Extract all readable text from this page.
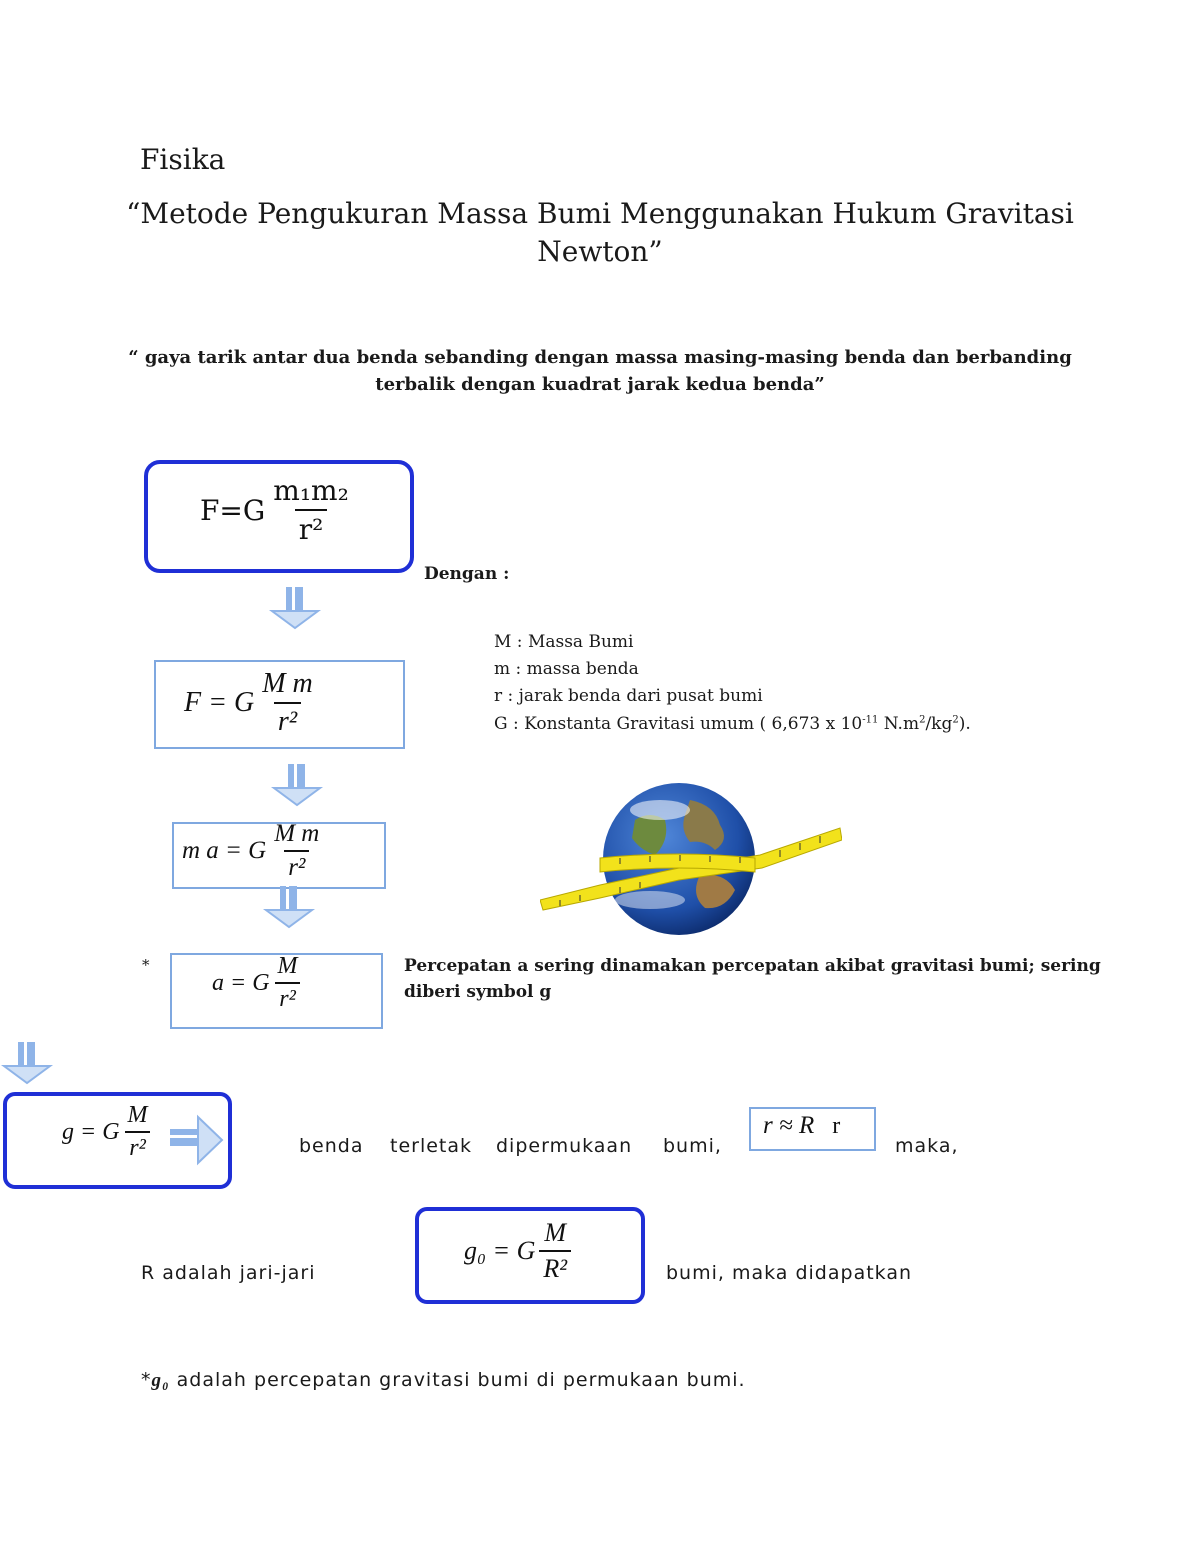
Fisika
“Metode Pengukuran Massa Bumi Menggunakan Hukum Gravitasi
Newton”
“ gaya tarik antar dua benda sebanding dengan massa masing-masing benda dan berbanding
terbalik dengan kuadrat jarak kedua benda”
$F=G \frac{\text{m₁m₂}}{\text{r²}}$
Dengan :
F = G $\frac{\text{M m}}{\text{r²}}$
M : Massa Bumi
m : massa benda
r : jarak benda dari pusat bumi
G : Konstanta Gravitasi umum ( 6,673 x $10^{-11}$ $N.m^2/kg^2$).
m a = G $\frac{\text{M m}}{\text{r²}}$
*
a = G $\frac{M}{\text{r²}}$	Percepatan a sering dinamakan percepatan akibat gravitasi bumi; sering
diberi symbol g
g = G $\frac{M}{\text{r²}}$	benda terletak dipermukaan bumi,
r ≈ R r
maka,
R adalah jari-jari
g₀ = G $\frac{M}{\text{R²}}$	bumi, maka didapatkan
*g₀ adalah percepatan gravitasi bumi di permukaan bumi.
